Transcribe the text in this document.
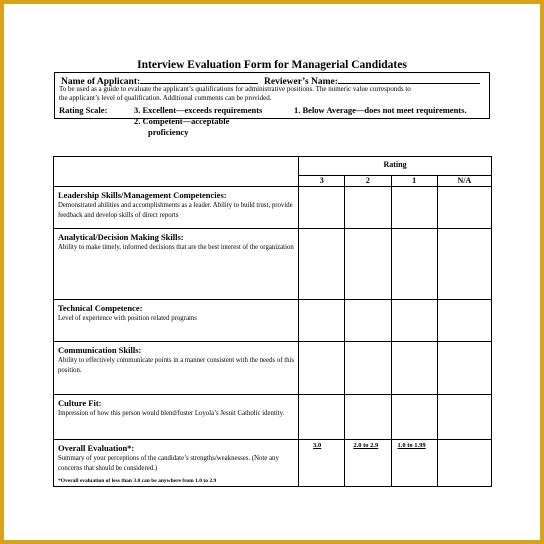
Interview Evaluation Form for Managerial Candidates
Name of Applicant:	Reviewer’s Name:
To be used as a guide to evaluate the applicant’s qualifications for administrative positions. The numeric value corresponds to
the applicant’s level of qualification. Additional comments can be provided.
Rating Scale:	3. Excellent—exceeds requirements
2. Competent—acceptable
proficiency
1. Below Average—does not meet requirements.
	Rating			
	3	2	1	N/A

Leadership Skills/Management Competencies:
Demonstrated abilities and accomplishments as a leader. Ability to build trust, provide feedback and develop skills of direct reports				

Analytical/Decision Making Skills:
Ability to make timely, informed decisions that are the best interest of the organization				

Technical Competence:
Level of experience with position related programs				

Communication Skills:
Ability to effectively communicate points in a manner consistent with the needs of this position.				

Culture Fit:
Impression of how this person would blend/foster Loyola’s Jesuit Catholic identity.				

Overall Evaluation*:
Summary of your perceptions of the candidate’s strengths/weaknesses. (Note any concerns that should be considered.)
*Overall evaluation of less than 3.0 can be anywhere from 1.0 to 2.9	3.0	2.0 to 2.9	1.0 to 1.99	
